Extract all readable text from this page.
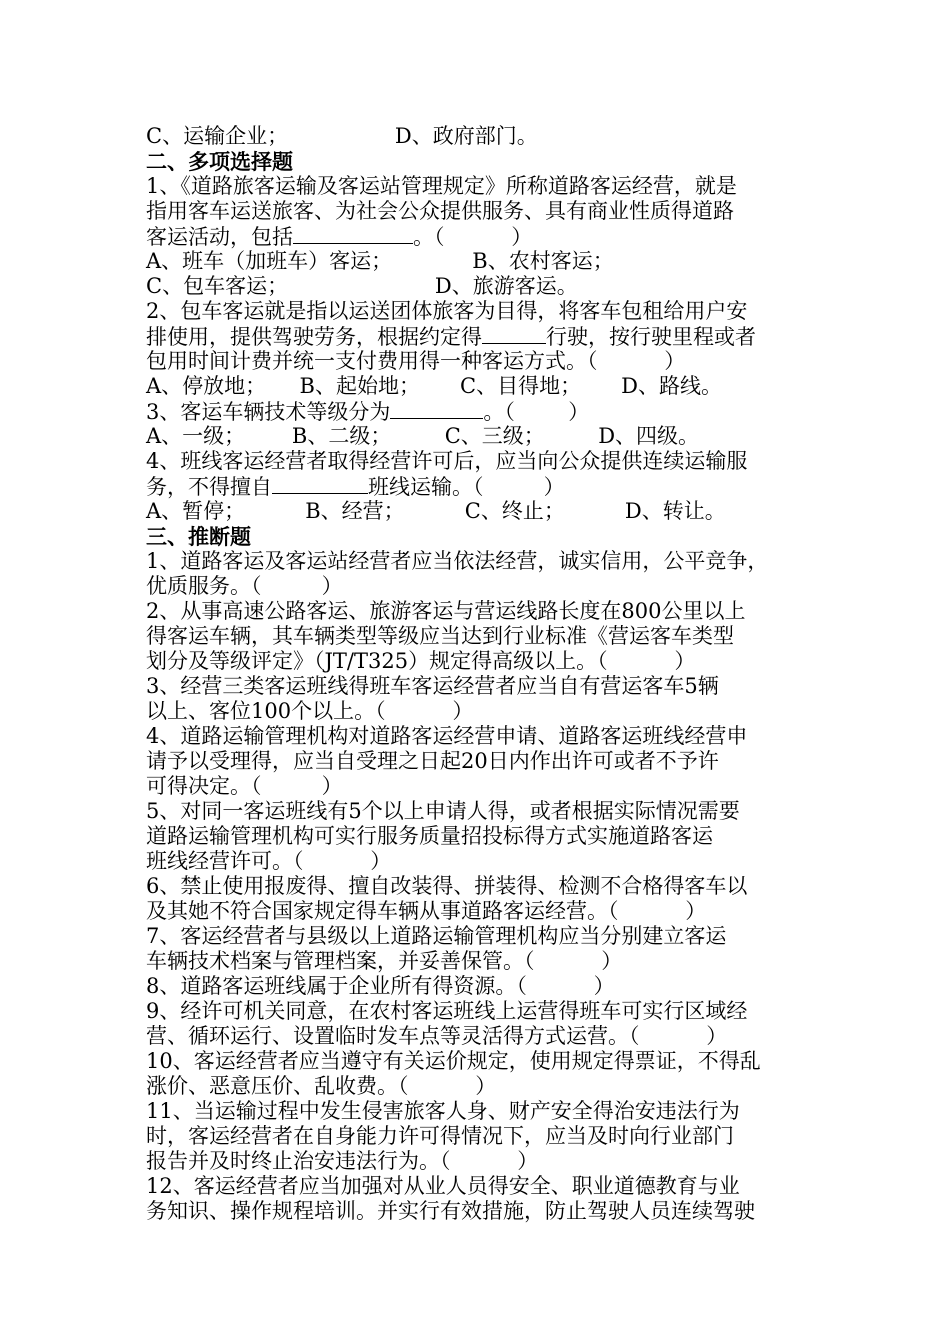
C、运输企业；                D、政府部门。
二、多项选择题
1、《道路旅客运输及客运站管理规定》所称道路客运经营，就是
指用客车运送旅客、为社会公众提供服务、具有商业性质得道路
客运活动，包括	。（          ）
A、班车（加班车）客运；            B、农村客运；
C、包车客运；                      D、旅游客运。
2、包车客运就是指以运送团体旅客为目得，将客车包租给用户安
排使用，提供驾驶劳务，根据约定得	行驶，按行驶里程或者
包用时间计费并统一支付费用得一种客运方式。（          ）
A、停放地；     B、起始地；      C、目得地；      D、路线。
3、客运车辆技术等级分为	。（        ）
A、一级；       B、二级；        C、三级；        D、四级。
4、班线客运经营者取得经营许可后，应当向公众提供连续运输服
务，不得擅自	班线运输。（         ）
A、暂停；         B、经营；         C、终止；         D、转让。
三、推断题
1、道路客运及客运站经营者应当依法经营，诚实信用，公平竞争，
优质服务。（         ）
2、从事高速公路客运、旅游客运与营运线路长度在800公里以上
得客运车辆，其车辆类型等级应当达到行业标准《营运客车类型
划分及等级评定》（JT/T325）规定得高级以上。（          ）
3、经营三类客运班线得班车客运经营者应当自有营运客车5辆
以上、客位100个以上。（          ）
4、道路运输管理机构对道路客运经营申请、道路客运班线经营申
请予以受理得，应当自受理之日起20日内作出许可或者不予许
可得决定。（         ）
5、对同一客运班线有5个以上申请人得，或者根据实际情况需要
道路运输管理机构可实行服务质量招投标得方式实施道路客运
班线经营许可。（          ）
6、禁止使用报废得、擅自改装得、拼装得、检测不合格得客车以
及其她不符合国家规定得车辆从事道路客运经营。（          ）
7、客运经营者与县级以上道路运输管理机构应当分别建立客运
车辆技术档案与管理档案，并妥善保管。（          ）
8、道路客运班线属于企业所有得资源。（          ）
9、经许可机关同意，在农村客运班线上运营得班车可实行区域经
营、循环运行、设置临时发车点等灵活得方式运营。（          ）
10、客运经营者应当遵守有关运价规定，使用规定得票证，不得乱
涨价、恶意压价、乱收费。（          ）
11、当运输过程中发生侵害旅客人身、财产安全得治安违法行为
时，客运经营者在自身能力许可得情况下，应当及时向行业部门
报告并及时终止治安违法行为。（          ）
12、客运经营者应当加强对从业人员得安全、职业道德教育与业
务知识、操作规程培训。并实行有效措施，防止驾驶人员连续驾驶
